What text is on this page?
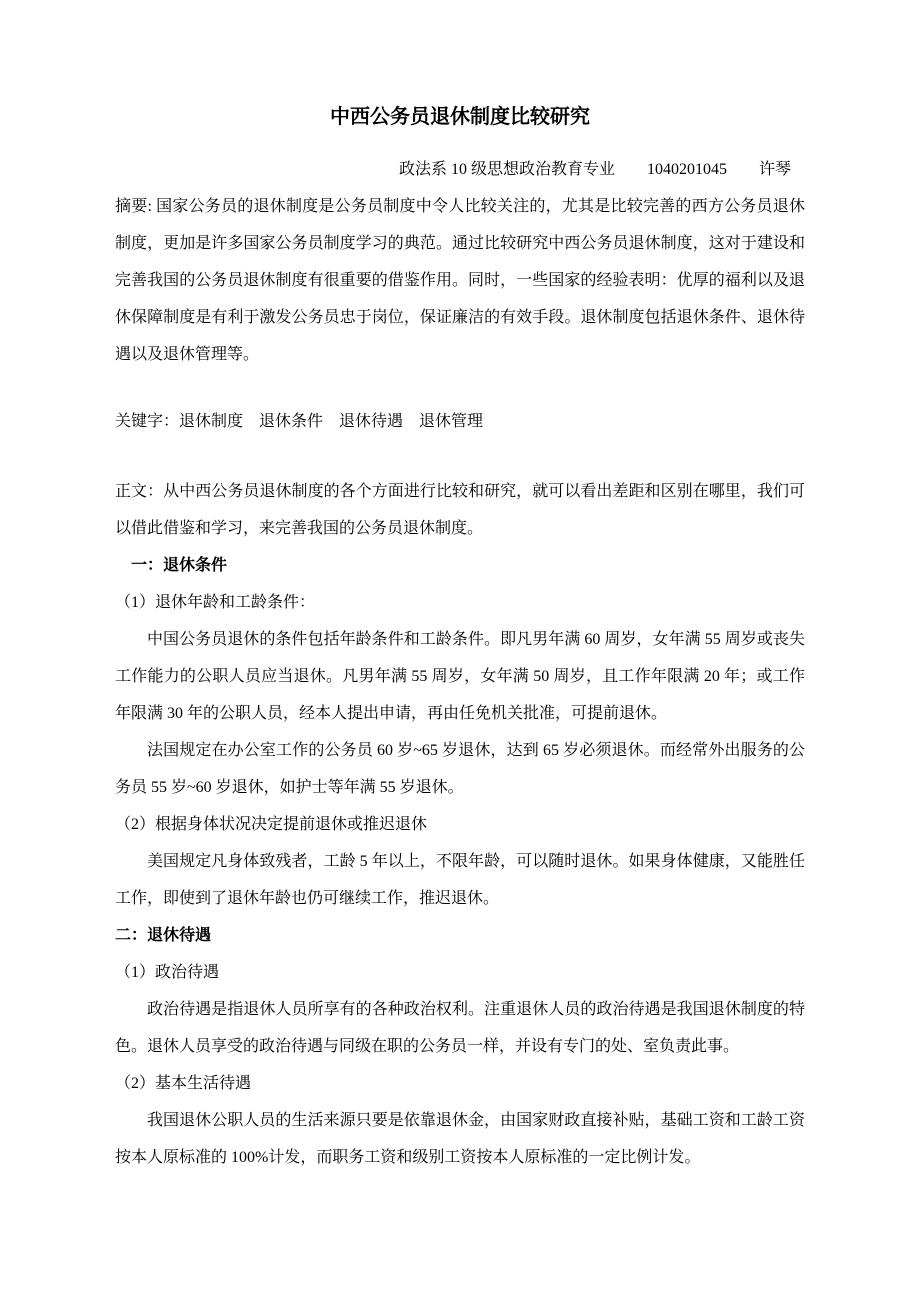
中西公务员退休制度比较研究
政法系 10 级思想政治教育专业　　1040201045　　许琴

摘要: 国家公务员的退休制度是公务员制度中令人比较关注的，尤其是比较完善的西方公务员退休制度，更加是许多国家公务员制度学习的典范。通过比较研究中西公务员退休制度，这对于建设和完善我国的公务员退休制度有很重要的借鉴作用。同时，一些国家的经验表明：优厚的福利以及退休保障制度是有利于激发公务员忠于岗位，保证廉洁的有效手段。退休制度包括退休条件、退休待遇以及退休管理等。

关键字：退休制度　退休条件　退休待遇　退休管理

正文：从中西公务员退休制度的各个方面进行比较和研究，就可以看出差距和区别在哪里，我们可以借此借鉴和学习，来完善我国的公务员退休制度。

一：退休条件

（1）退休年龄和工龄条件：

中国公务员退休的条件包括年龄条件和工龄条件。即凡男年满 60 周岁，女年满 55 周岁或丧失工作能力的公职人员应当退休。凡男年满 55 周岁，女年满 50 周岁，且工作年限满 20 年；或工作年限满 30 年的公职人员，经本人提出申请，再由任免机关批准，可提前退休。

法国规定在办公室工作的公务员 60 岁~65 岁退休，达到 65 岁必须退休。而经常外出服务的公务员 55 岁~60 岁退休，如护士等年满 55 岁退休。

（2）根据身体状况决定提前退休或推迟退休

美国规定凡身体致残者，工龄 5 年以上，不限年龄，可以随时退休。如果身体健康，又能胜任工作，即使到了退休年龄也仍可继续工作，推迟退休。

二：退休待遇

（1）政治待遇

政治待遇是指退休人员所享有的各种政治权利。注重退休人员的政治待遇是我国退休制度的特色。退休人员享受的政治待遇与同级在职的公务员一样，并设有专门的处、室负责此事。

（2）基本生活待遇

我国退休公职人员的生活来源只要是依靠退休金，由国家财政直接补贴，基础工资和工龄工资按本人原标准的 100%计发，而职务工资和级别工资按本人原标准的一定比例计发。
